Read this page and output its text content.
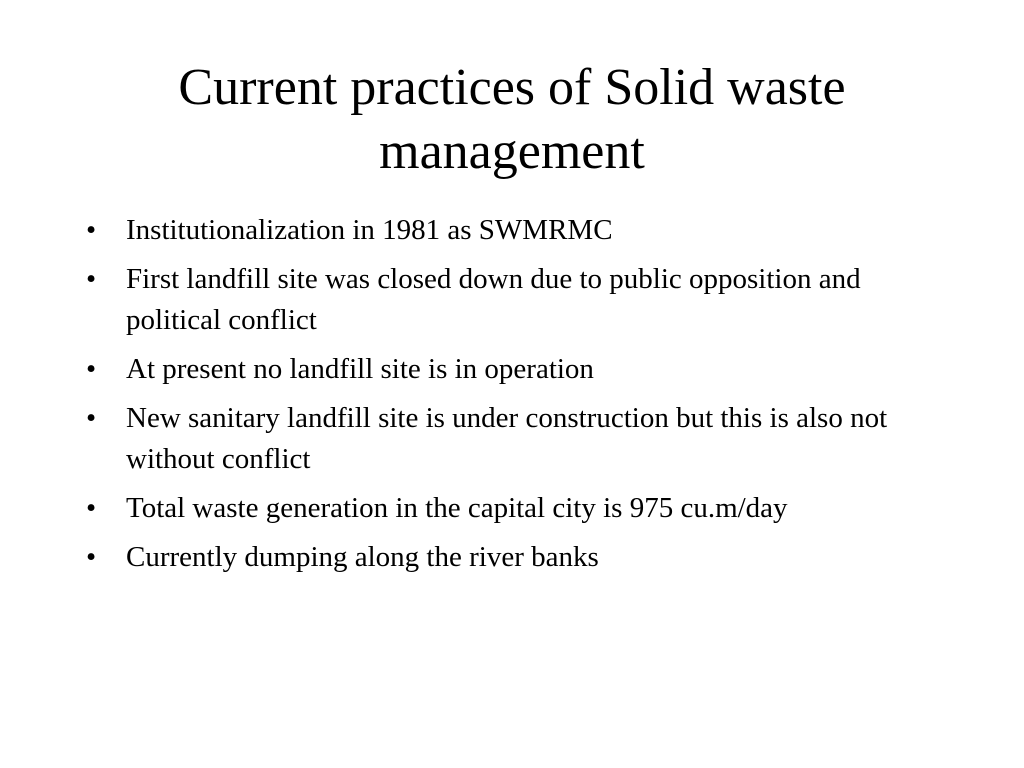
Current practices of Solid waste management
•	Institutionalization in 1981 as SWMRMC
•	First landfill site was closed down due to public opposition and political conflict
•	At present no landfill site is in operation
•	New sanitary landfill site is under construction but this is also not without conflict
•	Total waste generation in the capital city is 975 cu.m/day
•	Currently dumping along the river banks
